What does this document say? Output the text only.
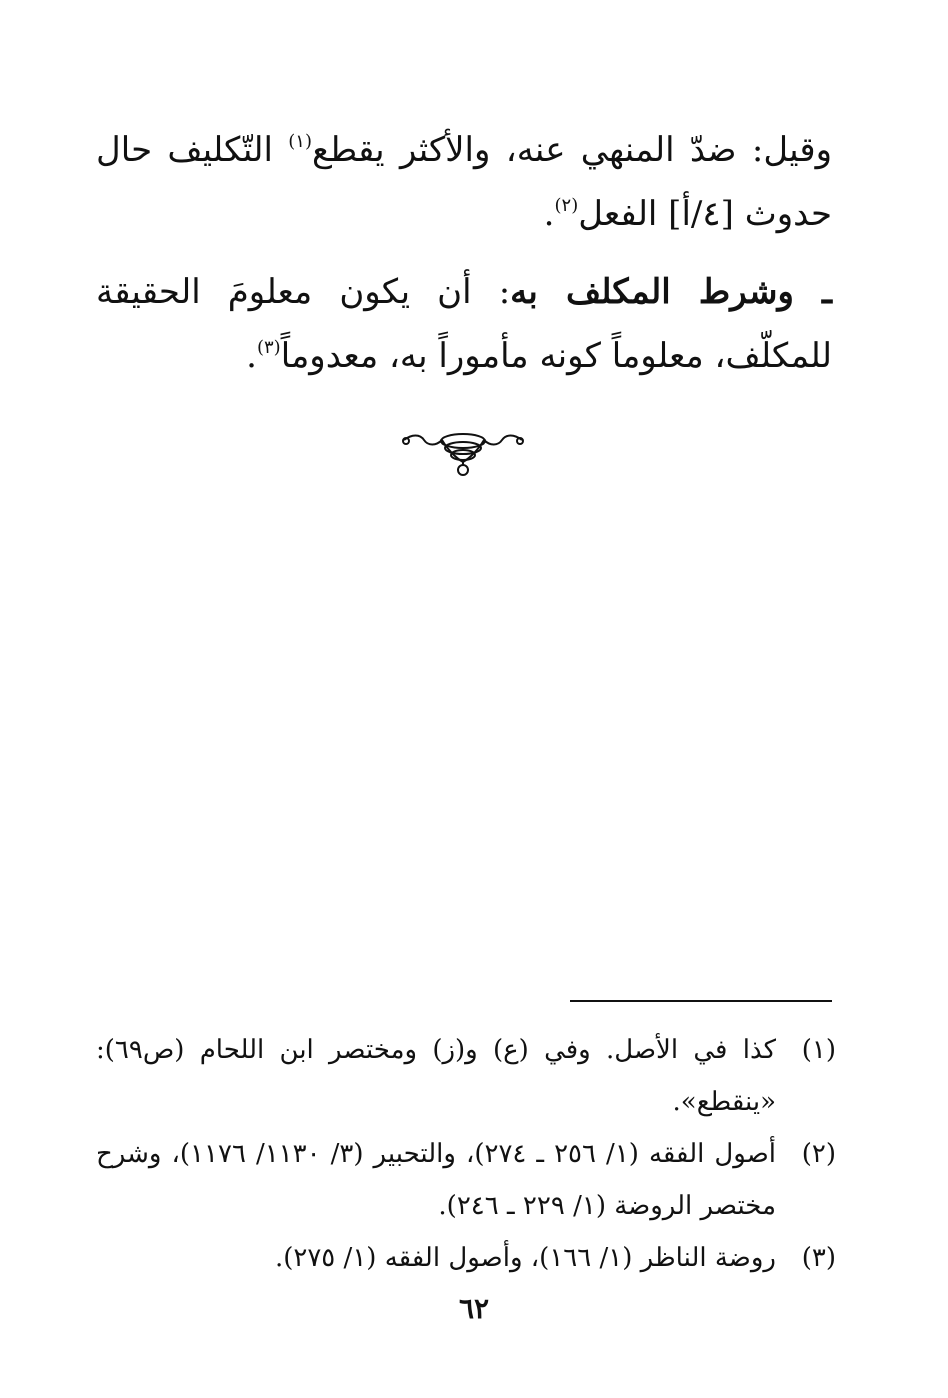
وقيل: ضدّ المنهي عنه، والأكثر يقطع$^{(١)}$ التّكليف حال حدوث [٤/أ] الفعل$^{(٢)}$.

ـ وشرط المكلف به: أن يكون معلومَ الحقيقة للمكلّف، معلوماً كونه مأموراً به، معدوماً$^{(٣)}$.

(١)
كذا في الأصل. وفي (ع) و(ز) ومختصر ابن اللحام (ص٦٩): «ينقطع».
(٢)
أصول الفقه (١/ ٢٥٦ ـ ٢٧٤)، والتحبير (٣/ ١١٣٠/ ١١٧٦)، وشرح مختصر الروضة (١/ ٢٢٩ ـ ٢٤٦).
(٣)
روضة الناظر (١/ ١٦٦)، وأصول الفقه (١/ ٢٧٥).
٦٢
